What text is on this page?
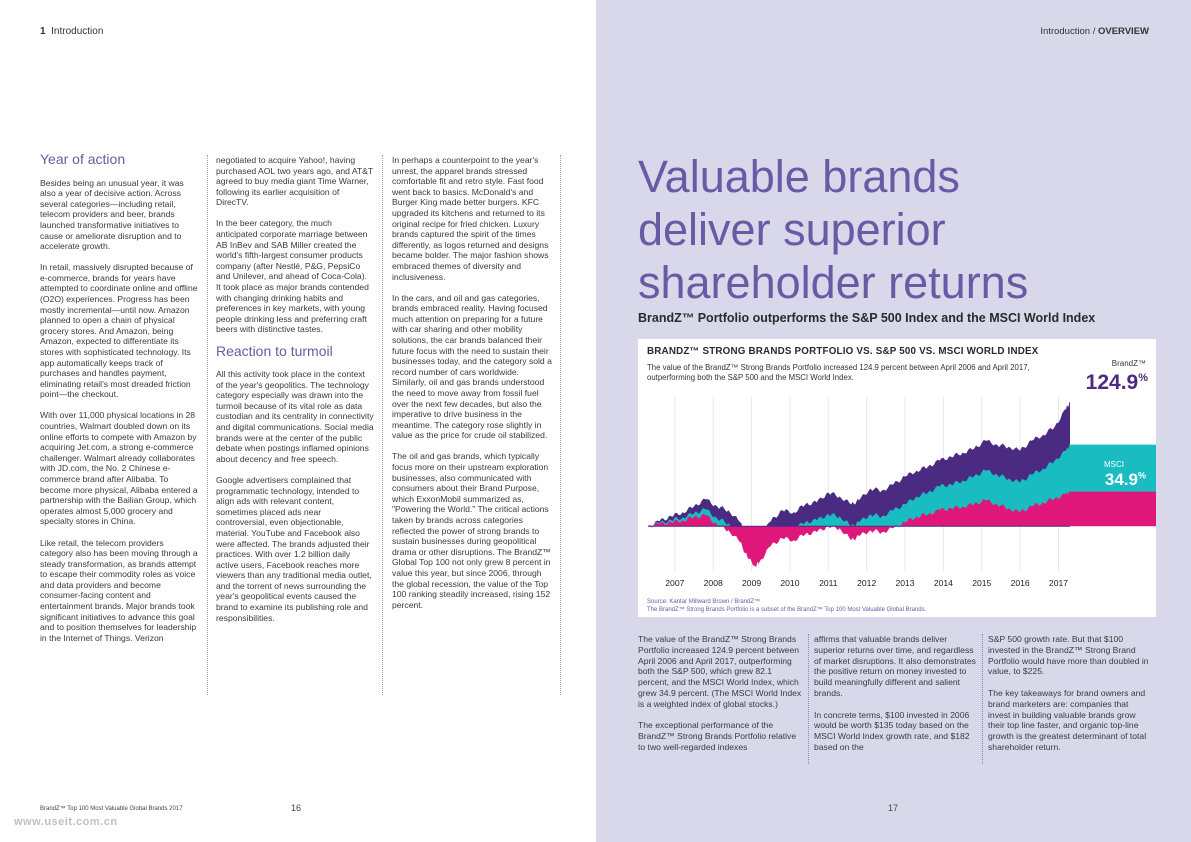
1 Introduction	Introduction / OVERVIEW
Year of action

Besides being an unusual year, it was also a year of decisive action. Across several categories—including retail, telecom providers and beer, brands launched transformative initiatives to cause or ameliorate disruption and to accelerate growth.

In retail, massively disrupted because of e-commerce, brands for years have attempted to coordinate online and offline (O2O) experiences. Progress has been mostly incremental—until now. Amazon planned to open a chain of physical grocery stores. And Amazon, being Amazon, expected to differentiate its stores with sophisticated technology. Its app automatically keeps track of purchases and handles payment, eliminating retail's most dreaded friction point—the checkout.

With over 11,000 physical locations in 28 countries, Walmart doubled down on its online efforts to compete with Amazon by acquiring Jet.com, a strong e-commerce challenger. Walmart already collaborates with JD.com, the No. 2 Chinese e-commerce brand after Alibaba. To become more physical, Alibaba entered a partnership with the Bailian Group, which operates almost 5,000 grocery and specialty stores in China.

Like retail, the telecom providers category also has been moving through a steady transformation, as brands attempt to escape their commodity roles as voice and data providers and become consumer-facing content and entertainment brands. Major brands took significant initiatives to advance this goal and to position themselves for leadership in the Internet of Things. Verizon

negotiated to acquire Yahoo!, having purchased AOL two years ago, and AT&T agreed to buy media giant Time Warner, following its earlier acquisition of DirecTV.

In the beer category, the much anticipated corporate marriage between AB InBev and SAB Miller created the world's fifth-largest consumer products company (after Nestlé, P&G, PepsiCo and Unilever, and ahead of Coca-Cola). It took place as major brands contended with changing drinking habits and preferences in key markets, with young people drinking less and preferring craft beers with distinctive tastes.

Reaction to turmoil

All this activity took place in the context of the year's geopolitics. The technology category especially was drawn into the turmoil because of its vital role as data custodian and its centrality in connectivity and digital communications. Social media brands were at the center of the public debate when postings inflamed opinions about decency and free speech.

Google advertisers complained that programmatic technology, intended to align ads with relevant content, sometimes placed ads near controversial, even objectionable, material. YouTube and Facebook also were affected. The brands adjusted their practices. With over 1.2 billion daily active users, Facebook reaches more viewers than any traditional media outlet, and the torrent of news surrounding the year's geopolitical events caused the brand to examine its publishing role and responsibilities.

In perhaps a counterpoint to the year's unrest, the apparel brands stressed comfortable fit and retro style. Fast food went back to basics. McDonald's and Burger King made better burgers. KFC upgraded its kitchens and returned to its original recipe for fried chicken. Luxury brands captured the spirit of the times differently, as logos returned and designs became bolder. The major fashion shows embraced themes of diversity and inclusiveness.

In the cars, and oil and gas categories, brands embraced reality. Having focused much attention on preparing for a future with car sharing and other mobility solutions, the car brands balanced their future focus with the need to sustain their businesses today, and the category sold a record number of cars worldwide. Similarly, oil and gas brands understood the need to move away from fossil fuel over the next few decades, but also the imperative to drive business in the meantime. The category rose slightly in value as the price for crude oil stabilized.

The oil and gas brands, which typically focus more on their upstream exploration businesses, also communicated with consumers about their Brand Purpose, which ExxonMobil summarized as, "Powering the World." The critical actions taken by brands across categories reflected the power of strong brands to sustain businesses during geopolitical drama or other disruptions. The BrandZ™ Global Top 100 not only grew 8 percent in value this year, but since 2006, through the global recession, the value of the Top 100 ranking steadily increased, rising 152 percent.

Valuable brands
deliver superior
shareholder returns
BrandZ™ Portfolio outperforms the S&P 500 Index and the MSCI World Index
BRANDZ™ STRONG BRANDS PORTFOLIO VS. S&P 500 VS. MSCI WORLD INDEX
The value of the BrandZ™ Strong Brands Portfolio increased 124.9 percent between April 2006 and April 2017, outperforming both the S&P 500 and the MSCI World Index.
2007 2008 2009 2010 2011 2012 2013 2014 2015 2016 2017
BrandZ™
124.9%
S&P500
82.1%
MSCI
34.9%
Source: Kantar Millward Brown / BrandZ™
The BrandZ™ Strong Brands Portfolio is a subset of the BrandZ™ Top 100 Most Valuable Global Brands.

The value of the BrandZ™ Strong Brands Portfolio increased 124.9 percent between April 2006 and April 2017, outperforming both the S&P 500, which grew 82.1 percent, and the MSCI World Index, which grew 34.9 percent. (The MSCI World Index is a weighted index of global stocks.)

The exceptional performance of the BrandZ™ Strong Brands Portfolio relative to two well-regarded indexes

affirms that valuable brands deliver superior returns over time, and regardless of market disruptions. It also demonstrates the positive return on money invested to build meaningfully different and salient brands.

In concrete terms, $100 invested in 2006 would be worth $135 today based on the MSCI World Index growth rate, and $182 based on the

S&P 500 growth rate. But that $100 invested in the BrandZ™ Strong Brand Portfolio would have more than doubled in value, to $225.

The key takeaways for brand owners and brand marketers are: companies that invest in building valuable brands grow their top line faster, and organic top-line growth is the greatest determinant of total shareholder return.

BrandZ™ Top 100 Most Valuable Global Brands 2017	16	17
www.useit.com.cn
